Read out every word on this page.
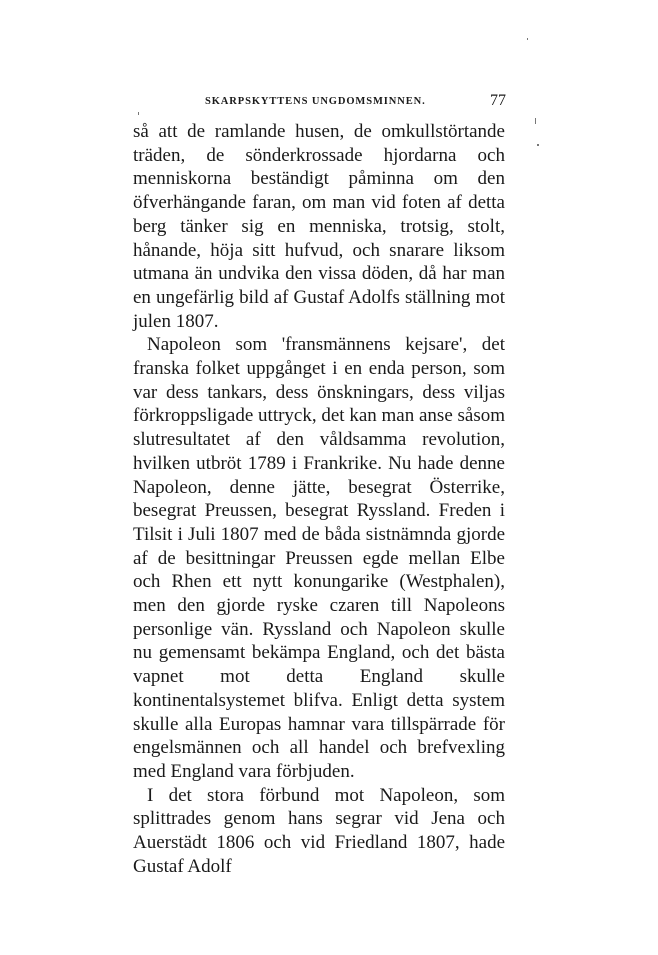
SKARPSKYTTENS UNGDOMSMINNEN.	77

så att de ramlande husen, de omkullstörtande träden, de sönderkrossade hjordarna och menniskorna beständigt påminna om den öfverhängande faran, om man vid foten af detta berg tänker sig en menniska, trotsig, stolt, hånande, höja sitt hufvud, och snarare liksom utmana än undvika den vissa döden, då har man en ungefärlig bild af Gustaf Adolfs ställning mot julen 1807.

Napoleon som 'fransmännens kejsare', det franska folket uppgånget i en enda person, som var dess tankars, dess önskningars, dess viljas förkroppsligade uttryck, det kan man anse såsom slutresultatet af den våldsamma revolution, hvilken utbröt 1789 i Frankrike. Nu hade denne Napoleon, denne jätte, besegrat Österrike, besegrat Preussen, besegrat Ryssland. Freden i Tilsit i Juli 1807 med de båda sistnämnda gjorde af de besittningar Preussen egde mellan Elbe och Rhen ett nytt konungarike (Westphalen), men den gjorde ryske czaren till Napoleons personlige vän. Ryssland och Napoleon skulle nu gemensamt bekämpa England, och det bästa vapnet mot detta England skulle kontinentalsystemet blifva. Enligt detta system skulle alla Europas hamnar vara tillspärrade för engelsmännen och all handel och brefvexling med England vara förbjuden.

I det stora förbund mot Napoleon, som splittrades genom hans segrar vid Jena och Auerstädt 1806 och vid Friedland 1807, hade Gustaf Adolf
